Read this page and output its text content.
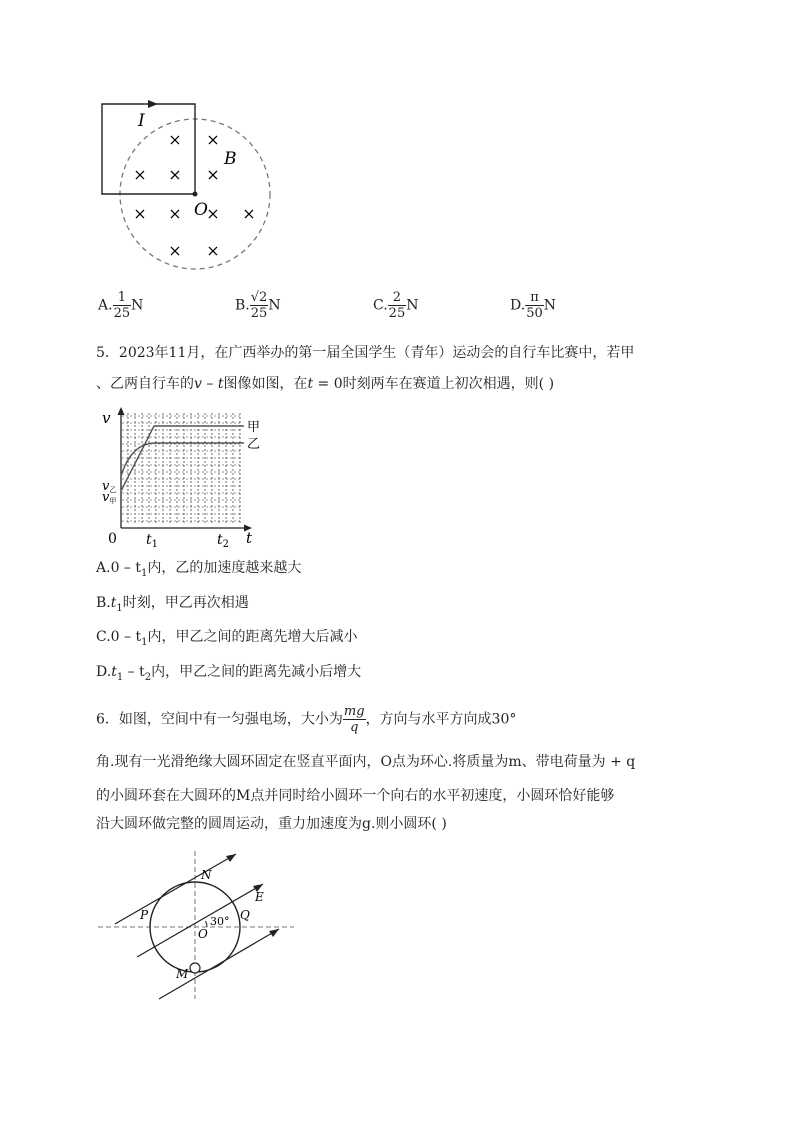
I
B
O
× ×
× × ×
× × × ×
× ×
A. $\frac{1}{25}$ N	B. $\frac{√2}{25}$ N	C. $\frac{2}{25}$ N	D. $\frac{\pi}{50}$ N
5．2023年11月，在广西举办的第一届全国学生（青年）运动会的自行车比赛中，若甲
、乙两自行车的v – t图像如图，在t = 0时刻两车在赛道上初次相遇，则( )
甲
乙
v
t
0 $t_1$	$t_2$
v乙
v甲
$A.0 - t_1$内，乙的加速度越来越大
$B.t_1$时刻，甲乙再次相遇
$C.0 - t_1$内，甲乙之间的距离先增大后减小
$D.t_1 - t_2$内，甲乙之间的距离先减小后增大
6．如图，空间中有一匀强电场，大小为 $\frac{mg}{q}$ ，方向与水平方向成30°
角.现有一光滑绝缘大圆环固定在竖直平面内，O点为环心.将质量为m、带电荷量为 + q
的小圆环套在大圆环的M点并同时给小圆环一个向右的水平初速度，小圆环恰好能够
沿大圆环做完整的圆周运动，重力加速度为g.则小圆环( )
N
P	Q
O
M
E
30°
